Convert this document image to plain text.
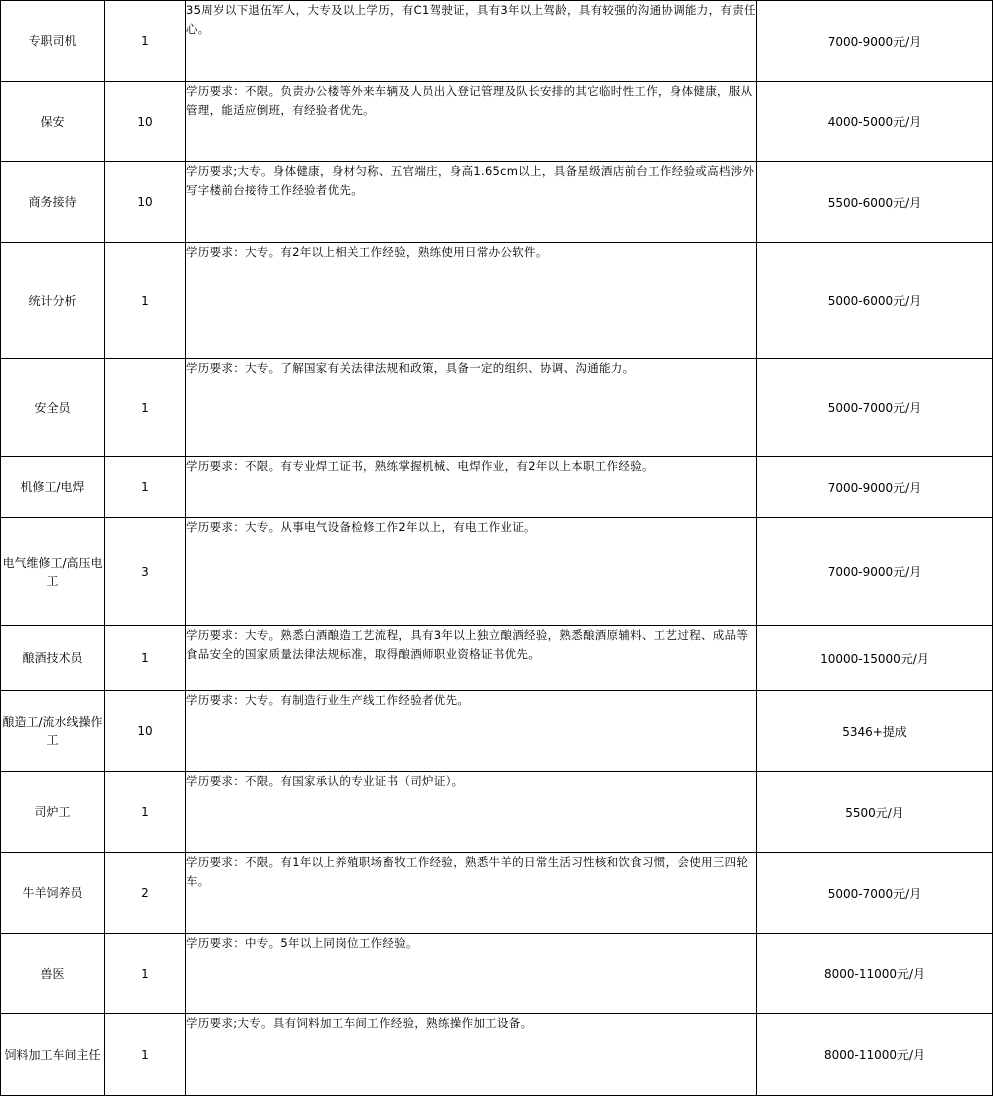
专职司机	1	35周岁以下退伍军人，大专及以上学历，有C1驾驶证，具有3年以上驾龄，具有较强的沟通协调能力，有责任心。	7000-9000元/月
保安	10	学历要求：不限。负责办公楼等外来车辆及人员出入登记管理及队长安排的其它临时性工作，身体健康，服从管理，能适应倒班，有经验者优先。	4000-5000元/月
商务接待	10	学历要求;大专。身体健康，身材匀称、五官端庄，身高1.65cm以上，具备星级酒店前台工作经验或高档涉外写字楼前台接待工作经验者优先。	5500-6000元/月
统计分析	1	学历要求：大专。有2年以上相关工作经验，熟练使用日常办公软件。	5000-6000元/月
安全员	1	学历要求：大专。了解国家有关法律法规和政策，具备一定的组织、协调、沟通能力。	5000-7000元/月
机修工/电焊	1	学历要求：不限。有专业焊工证书，熟练掌握机械、电焊作业，有2年以上本职工作经验。	7000-9000元/月
电气维修工/高压电工	3	学历要求：大专。从事电气设备检修工作2年以上，有电工作业证。	7000-9000元/月
酿酒技术员	1	学历要求：大专。熟悉白酒酿造工艺流程，具有3年以上独立酿酒经验，熟悉酿酒原辅料、工艺过程、成品等食品安全的国家质量法律法规标准，取得酿酒师职业资格证书优先。	10000-15000元/月
酿造工/流水线操作工	10	学历要求：大专。有制造行业生产线工作经验者优先。	5346+提成
司炉工	1	学历要求：不限。有国家承认的专业证书（司炉证）。	5500元/月
牛羊饲养员	2	学历要求：不限。有1年以上养殖职场畜牧工作经验，熟悉牛羊的日常生活习性核和饮食习惯，会使用三四轮车。	5000-7000元/月
兽医	1	学历要求：中专。5年以上同岗位工作经验。	8000-11000元/月
饲料加工车间主任	1	学历要求;大专。具有饲料加工车间工作经验，熟练操作加工设备。	8000-11000元/月
